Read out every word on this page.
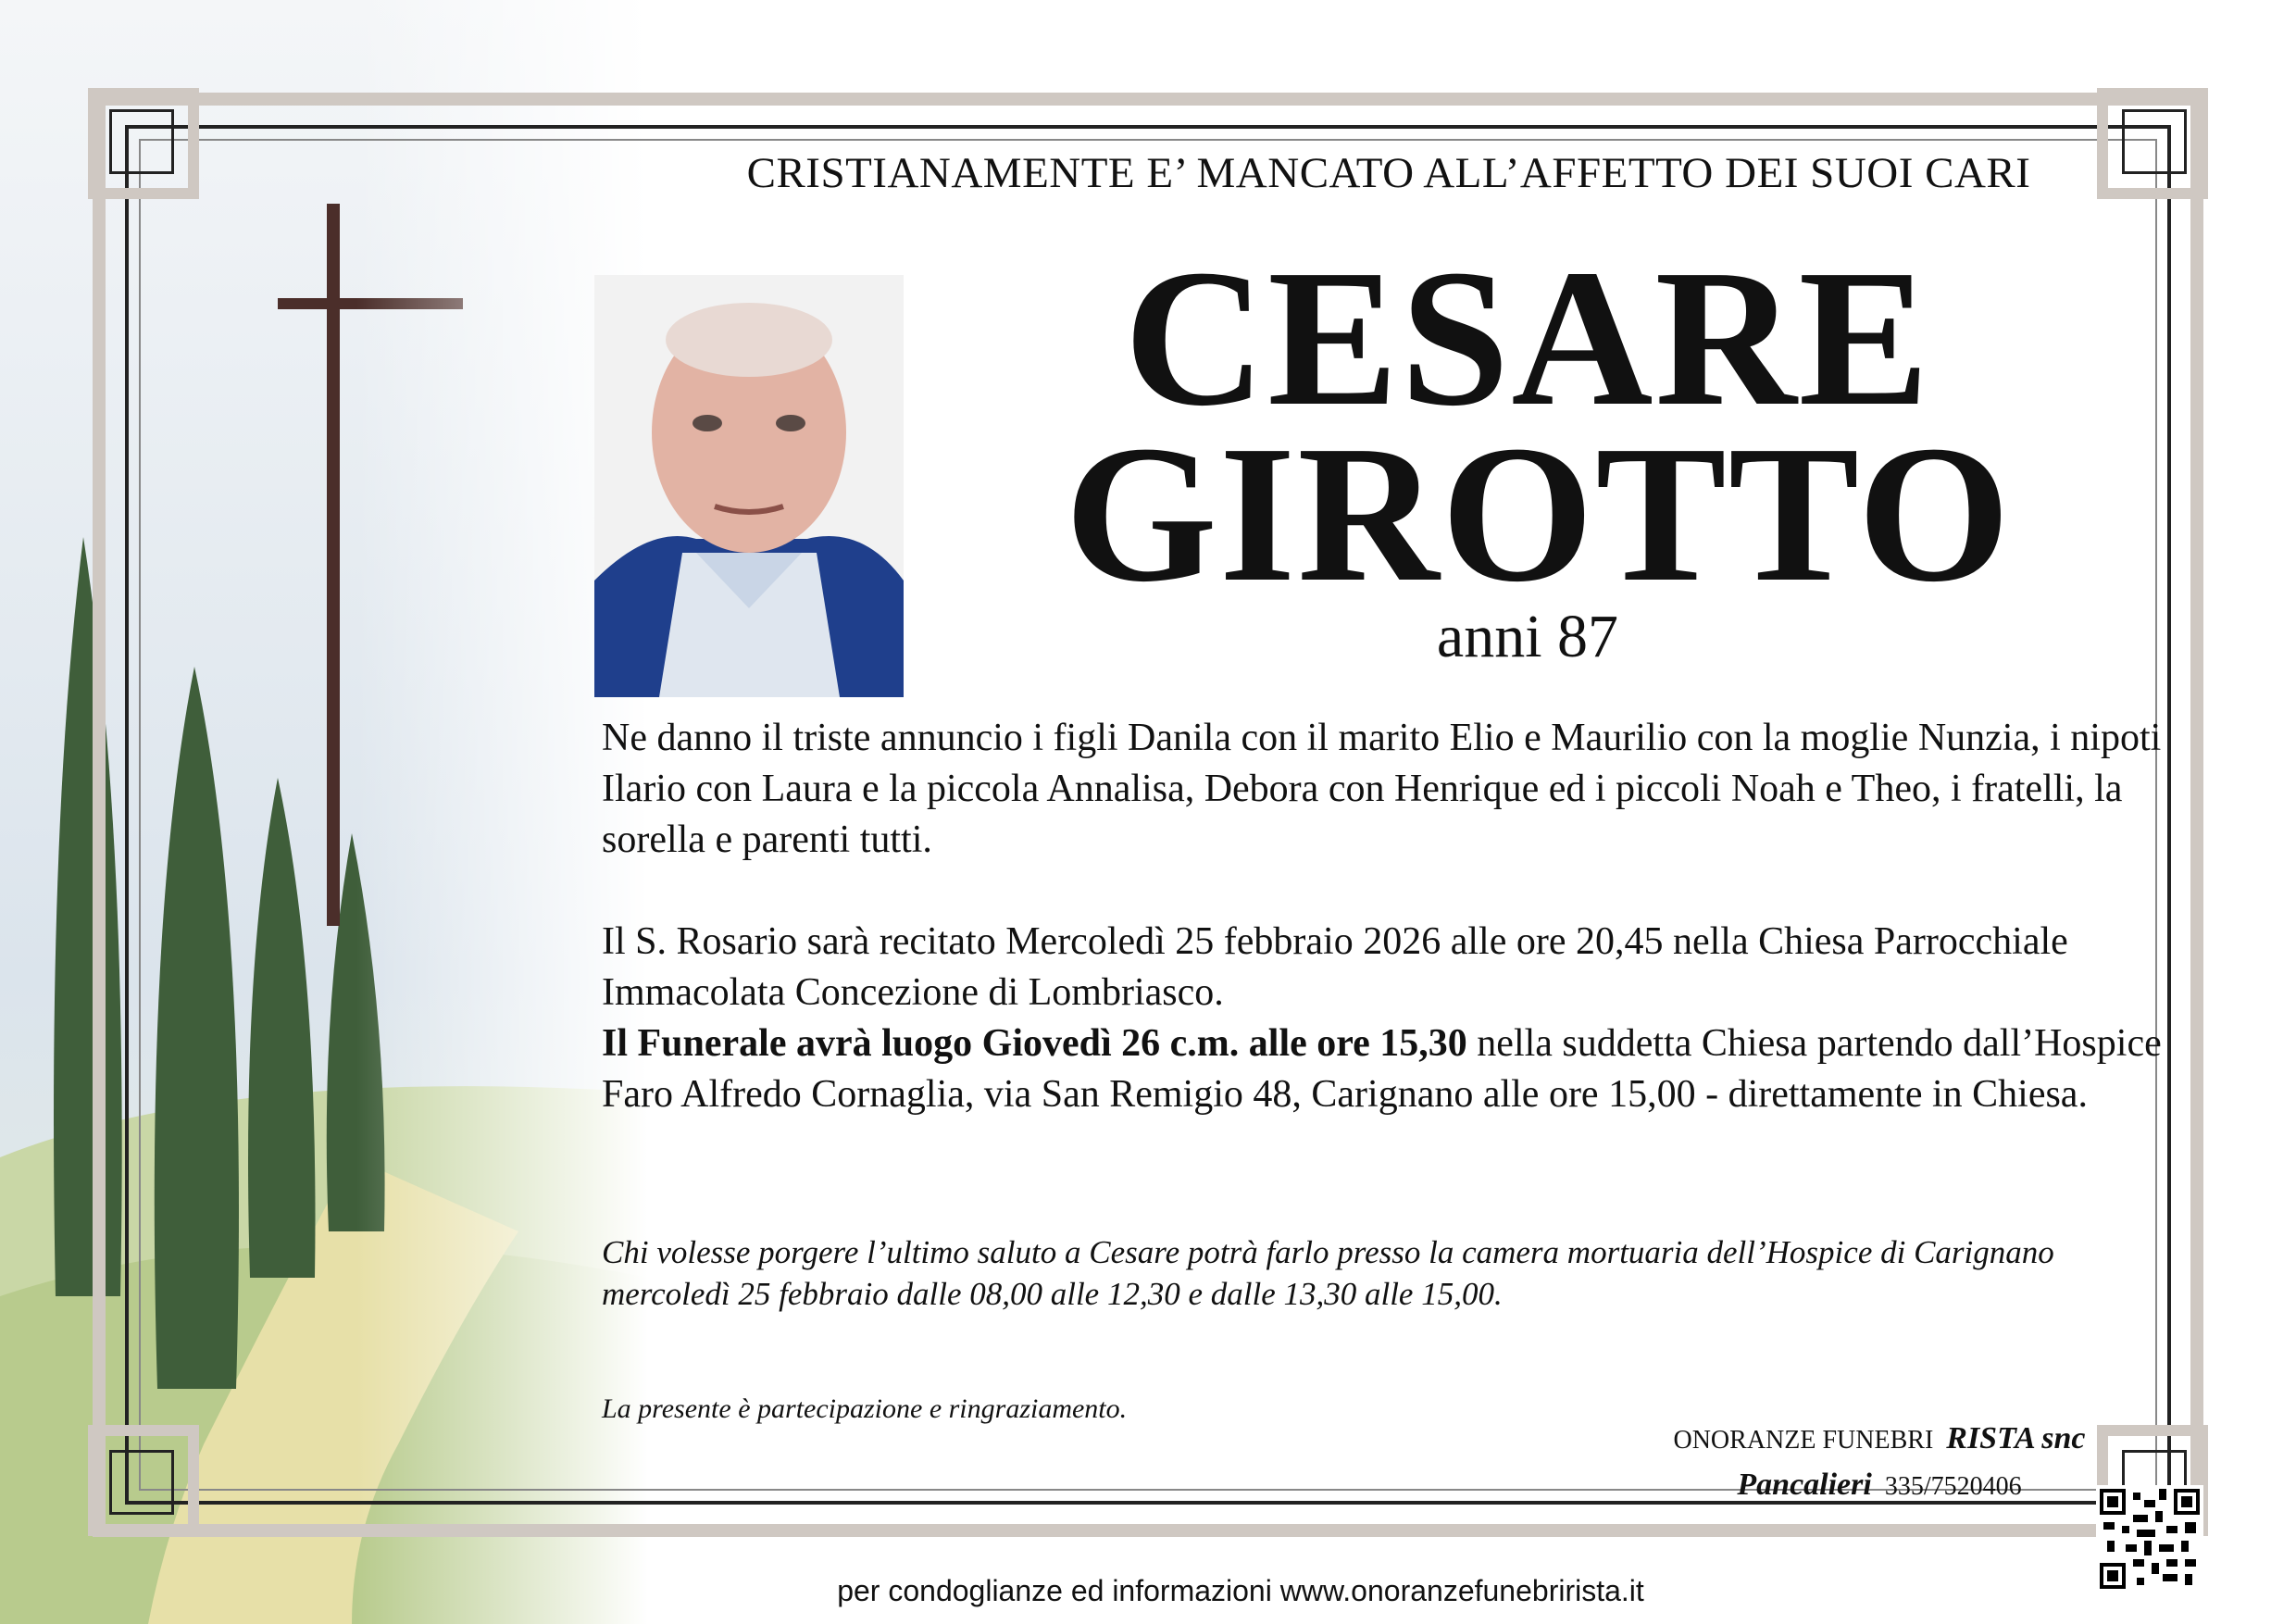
CRISTIANAMENTE E’ MANCATO ALL’AFFETTO DEI SUOI CARI
CESARE
GIROTTO
anni 87

Ne danno il triste annuncio i figli Danila con il marito Elio e Maurilio con la moglie Nunzia, i nipoti Ilario con Laura e la piccola Annalisa, Debora con Henrique ed i piccoli Noah e Theo, i fratelli, la sorella e parenti tutti.

Il S. Rosario sarà recitato Mercoledì 25 febbraio 2026 alle ore 20,45 nella Chiesa Parrocchiale Immacolata Concezione di Lombriasco.

Il Funerale avrà luogo Giovedì 26 c.m. alle ore 15,30 nella suddetta Chiesa partendo dall’Hospice Faro Alfredo Cornaglia, via San Remigio 48, Carignano alle ore 15,00 - direttamente in Chiesa.

Chi volesse porgere l’ultimo saluto a Cesare potrà farlo presso la camera mortuaria dell’Hospice di Carignano mercoledì 25 febbraio dalle 08,00 alle 12,30 e dalle 13,30 alle 15,00.
La presente è partecipazione e ringraziamento.
ONORANZE FUNEBRI RISTA snc
Pancalieri 335/7520406
per condoglianze ed informazioni www.onoranzefunebrirista.it
